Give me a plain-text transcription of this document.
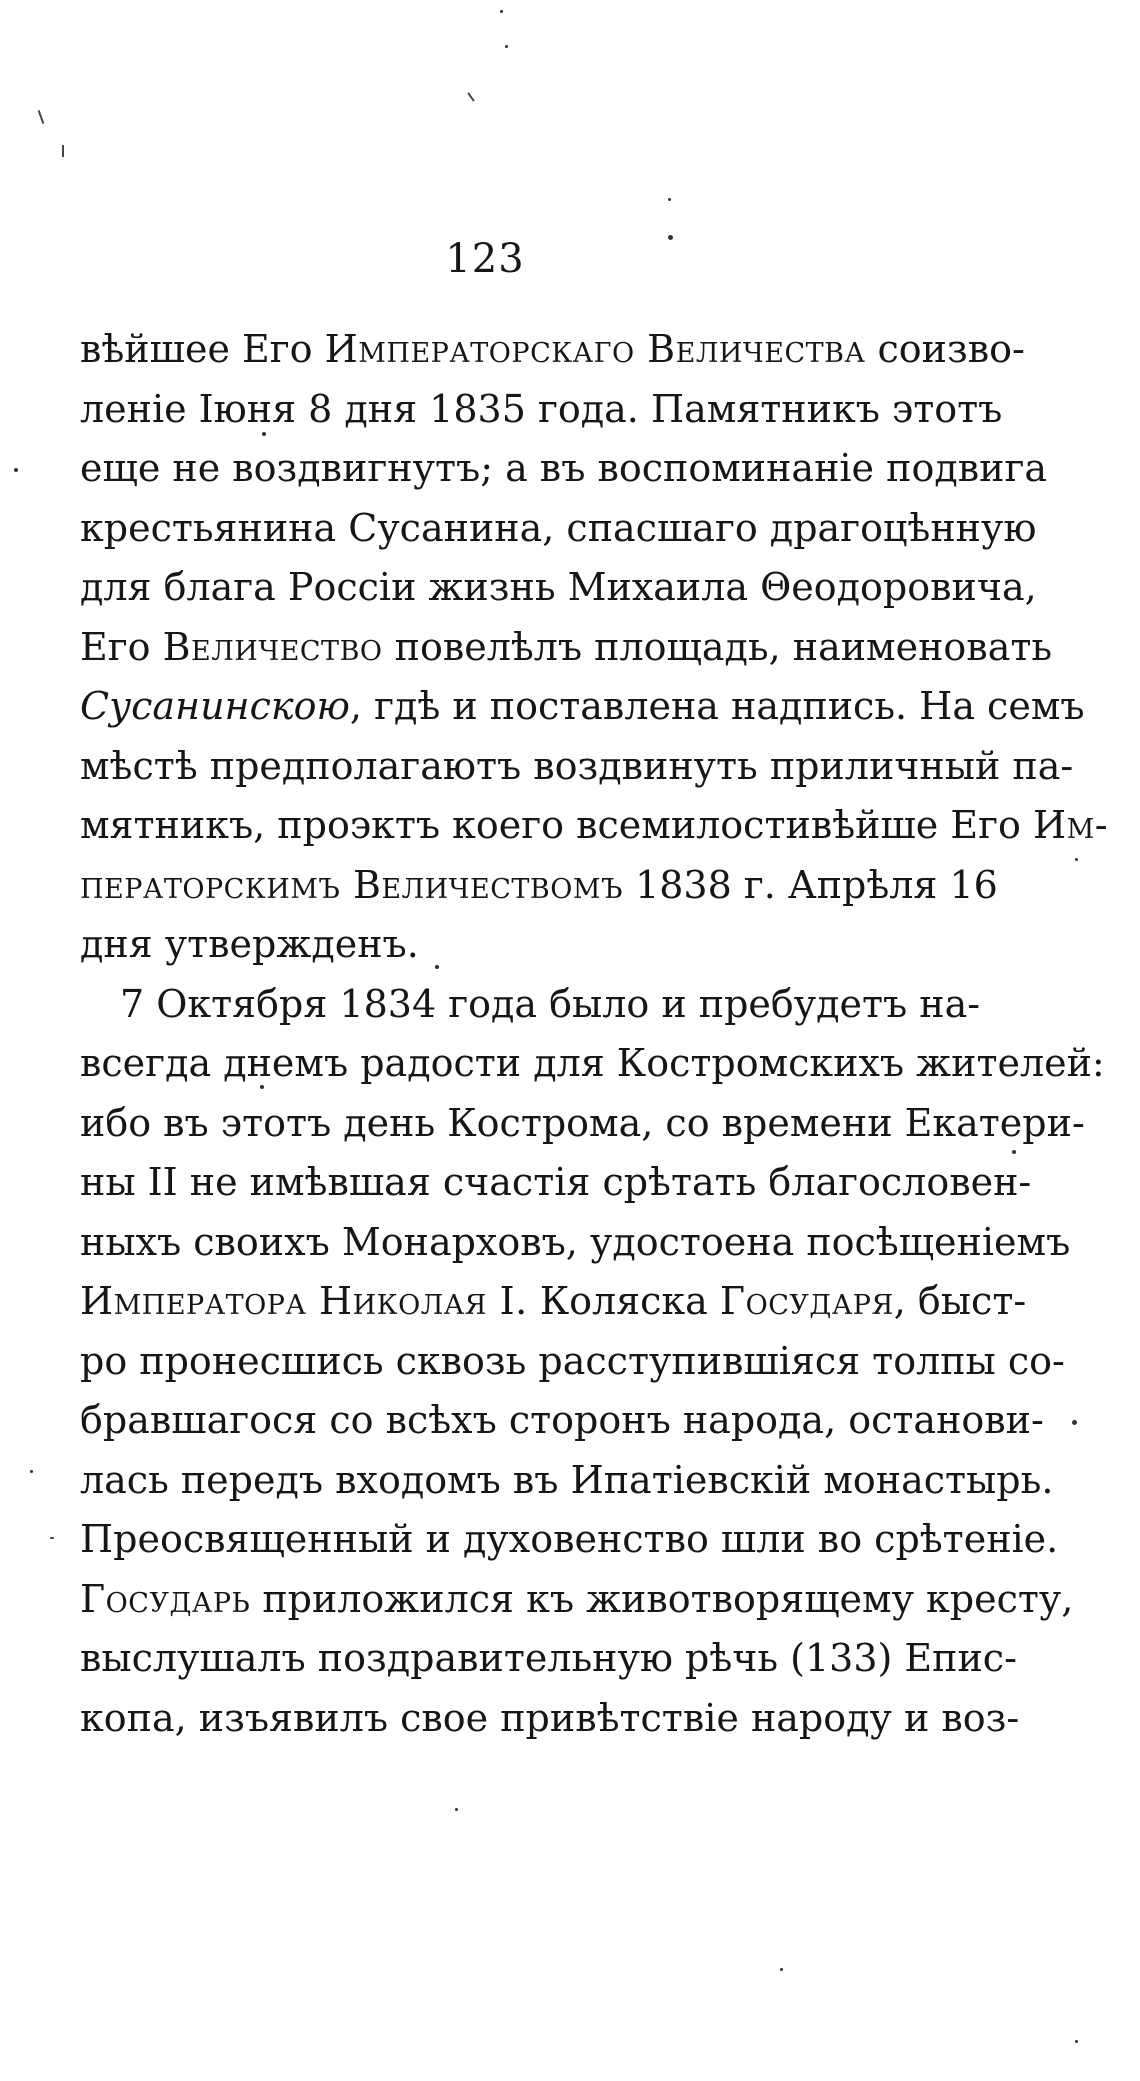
123
вѣйшее Его Императорскаго Величества соизво-
леніе Іюня 8 дня 1835 года. Памятникъ этотъ
еще не воздвигнутъ; а въ воспоминаніе подвига
крестьянина Сусанина, спасшаго драгоцѣнную
для блага Россіи жизнь Михаила Θеодоровича,
Его Величество повелѣлъ площадь, наименовать
Сусанинскою, гдѣ и поставлена надпись. На семъ
мѣстѣ предполагаютъ воздвинуть приличный па-
мятникъ, проэктъ коего всемилостивѣйше Его Им-
ператорскимъ Величествомъ 1838 г. Апрѣля 16
дня утвержденъ.
7 Октября 1834 года было и пребудетъ на-
всегда днемъ радости для Костромскихъ жителей:
ибо въ этотъ день Кострома, со времени Екатери-
ны II не имѣвшая счастія срѣтать благословен-
ныхъ своихъ Монарховъ, удостоена посѣщеніемъ
Императора Николая I. Коляска Государя, быст-
ро пронесшись сквозь расступившіяся толпы со-
бравшагося со всѣхъ сторонъ народа, останови-
лась передъ входомъ въ Ипатіевскій монастырь.
Преосвященный и духовенство шли во срѣтеніе.
Государь приложился къ животворящему кресту,
выслушалъ поздравительную рѣчь (133) Епис-
копа, изъявилъ свое привѣтствіе народу и воз-
